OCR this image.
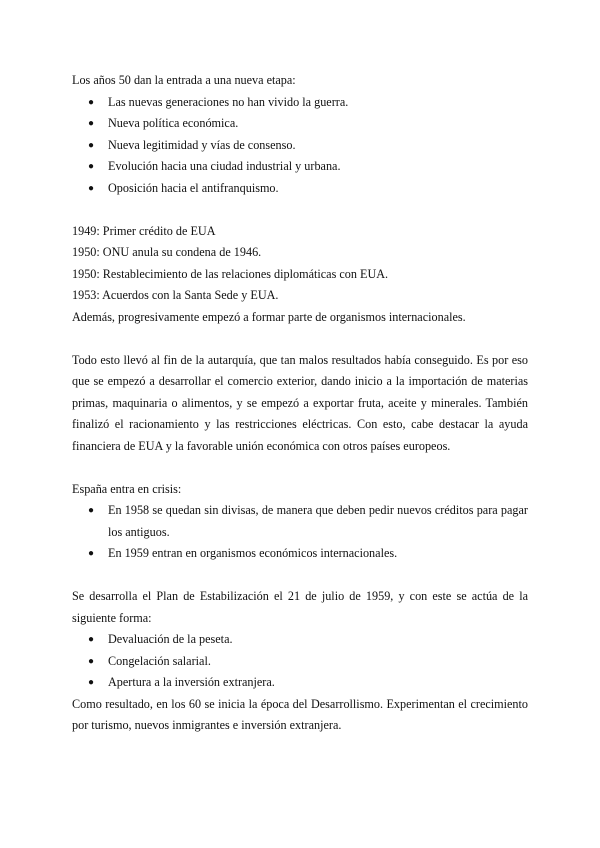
Los años 50 dan la entrada a una nueva etapa:

● Las nuevas generaciones no han vivido la guerra.
● Nueva política económica.
● Nueva legitimidad y vías de consenso.
● Evolución hacia una ciudad industrial y urbana.
● Oposición hacia el antifranquismo.

1949: Primer crédito de EUA

1950: ONU anula su condena de 1946.

1950: Restablecimiento de las relaciones diplomáticas con EUA.

1953: Acuerdos con la Santa Sede y EUA.

Además, progresivamente empezó a formar parte de organismos internacionales.

Todo esto llevó al fin de la autarquía, que tan malos resultados había conseguido. Es por eso que se empezó a desarrollar el comercio exterior, dando inicio a la importación de materias primas, maquinaria o alimentos, y se empezó a exportar fruta, aceite y minerales. También finalizó el racionamiento y las restricciones eléctricas. Con esto, cabe destacar la ayuda financiera de EUA y la favorable unión económica con otros países europeos.

España entra en crisis:

● En 1958 se quedan sin divisas, de manera que deben pedir nuevos créditos para pagar los antiguos.
● En 1959 entran en organismos económicos internacionales.

Se desarrolla el Plan de Estabilización el 21 de julio de 1959, y con este se actúa de la siguiente forma:

● Devaluación de la peseta.
● Congelación salarial.
● Apertura a la inversión extranjera.

Como resultado, en los 60 se inicia la época del Desarrollismo. Experimentan el crecimiento por turismo, nuevos inmigrantes e inversión extranjera.
